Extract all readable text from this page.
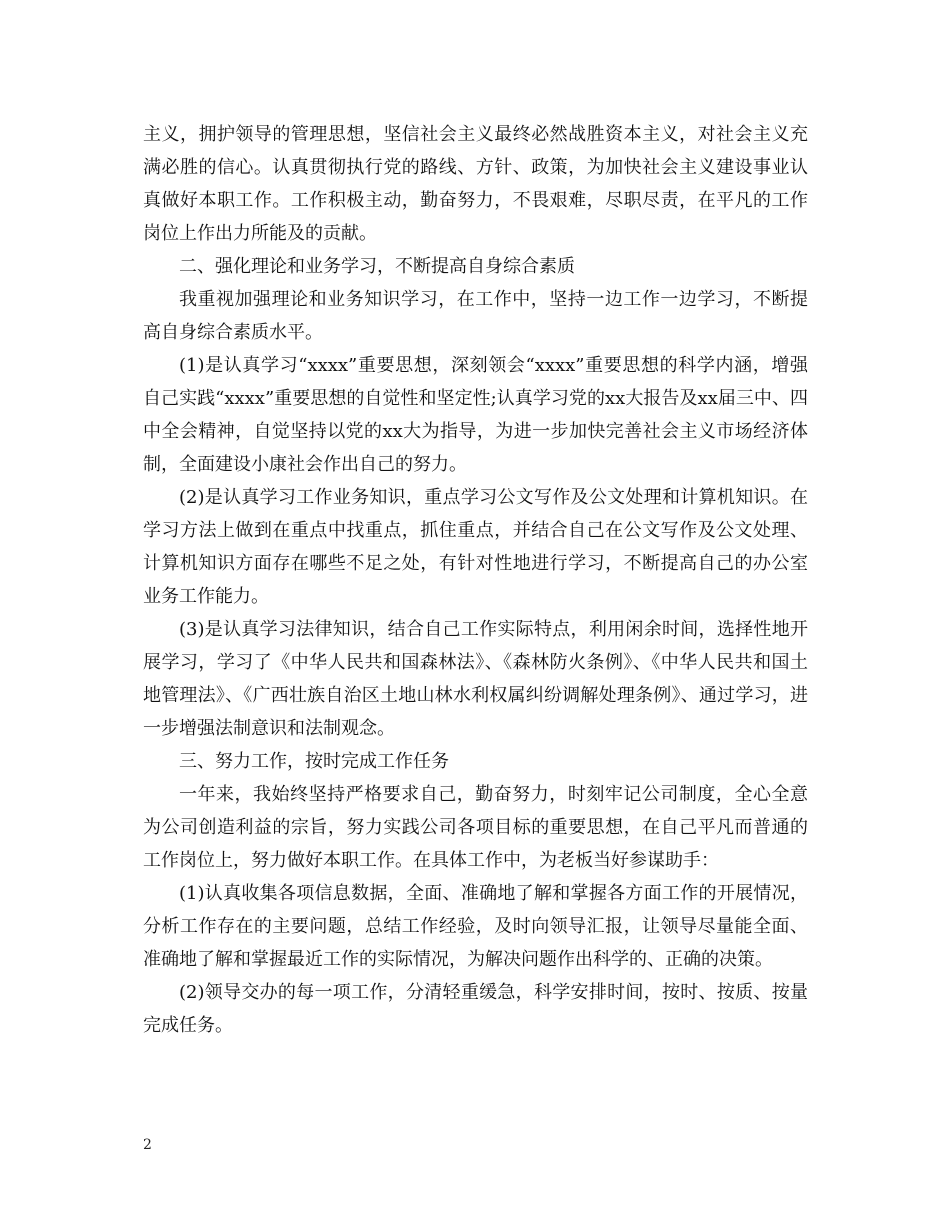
主义，拥护领导的管理思想，坚信社会主义最终必然战胜资本主义，对社会主义充满必胜的信心。认真贯彻执行党的路线、方针、政策，为加快社会主义建设事业认真做好本职工作。工作积极主动，勤奋努力，不畏艰难，尽职尽责，在平凡的工作岗位上作出力所能及的贡献。

二、强化理论和业务学习，不断提高自身综合素质

我重视加强理论和业务知识学习，在工作中，坚持一边工作一边学习，不断提高自身综合素质水平。

(1)是认真学习“xxxx”重要思想，深刻领会“xxxx”重要思想的科学内涵，增强自己实践“xxxx”重要思想的自觉性和坚定性;认真学习党的xx大报告及xx届三中、四中全会精神，自觉坚持以党的xx大为指导，为进一步加快完善社会主义市场经济体制，全面建设小康社会作出自己的努力。

(2)是认真学习工作业务知识，重点学习公文写作及公文处理和计算机知识。在学习方法上做到在重点中找重点，抓住重点，并结合自己在公文写作及公文处理、计算机知识方面存在哪些不足之处，有针对性地进行学习，不断提高自己的办公室业务工作能力。

(3)是认真学习法律知识，结合自己工作实际特点，利用闲余时间，选择性地开展学习，学习了《中华人民共和国森林法》、《森林防火条例》、《中华人民共和国土地管理法》、《广西壮族自治区土地山林水利权属纠纷调解处理条例》、通过学习，进一步增强法制意识和法制观念。

三、努力工作，按时完成工作任务

一年来，我始终坚持严格要求自己，勤奋努力，时刻牢记公司制度，全心全意为公司创造利益的宗旨，努力实践公司各项目标的重要思想，在自己平凡而普通的工作岗位上，努力做好本职工作。在具体工作中，为老板当好参谋助手：

(1)认真收集各项信息数据，全面、准确地了解和掌握各方面工作的开展情况，分析工作存在的主要问题，总结工作经验，及时向领导汇报，让领导尽量能全面、准确地了解和掌握最近工作的实际情况，为解决问题作出科学的、正确的决策。

(2)领导交办的每一项工作，分清轻重缓急，科学安排时间，按时、按质、按量完成任务。

2
